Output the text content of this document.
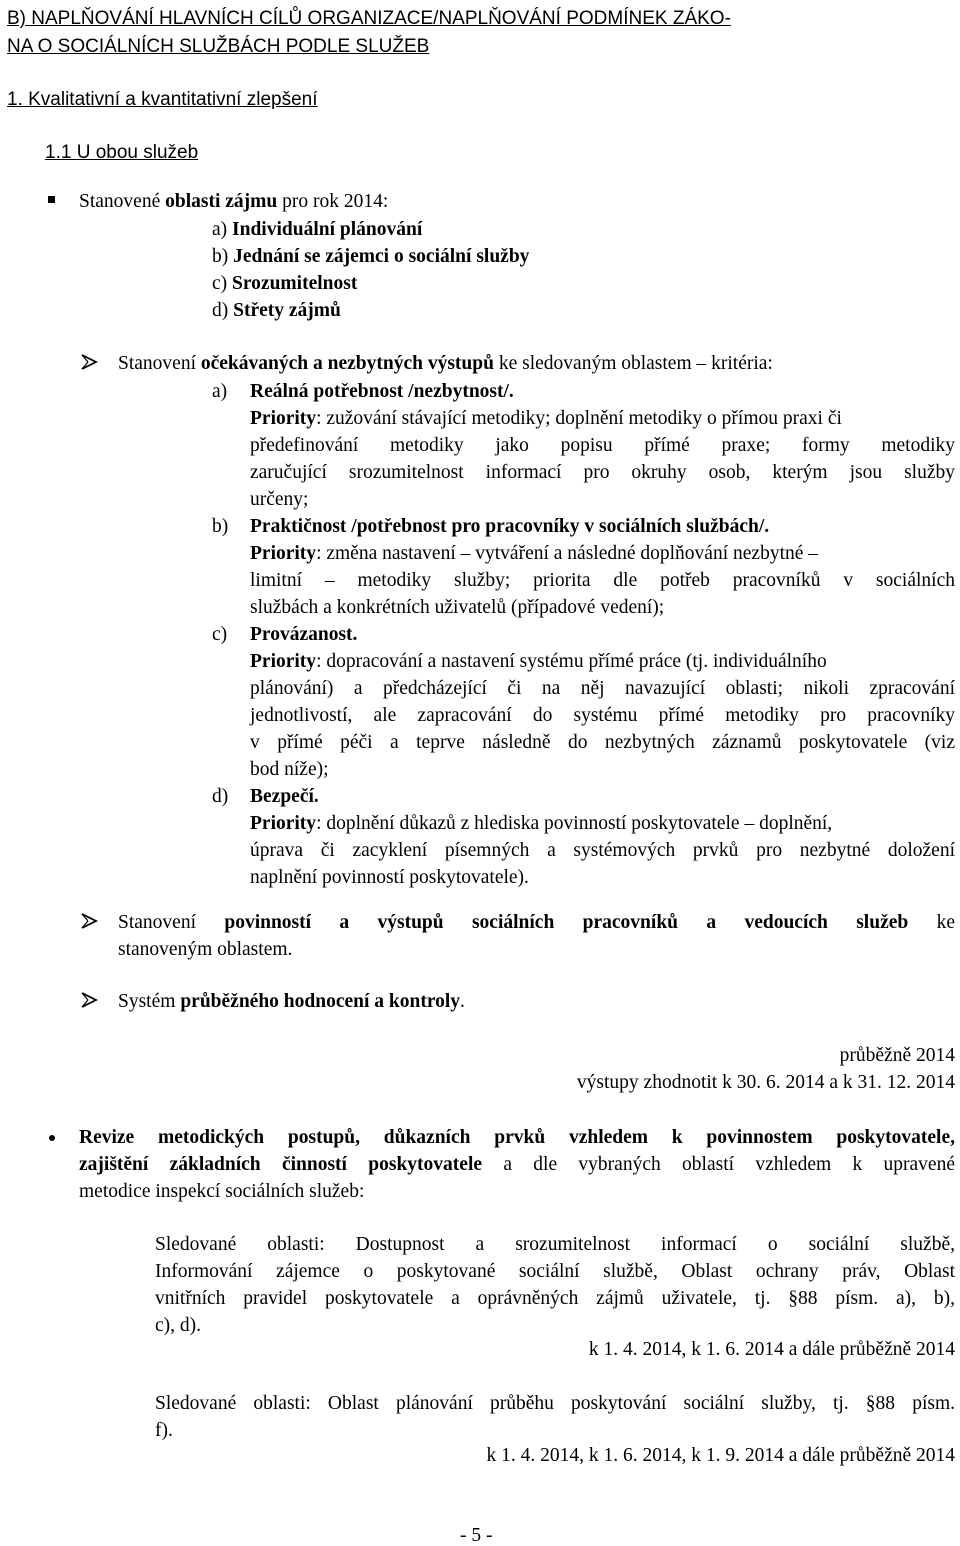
B) NAPLŇOVÁNÍ HLAVNÍCH CÍLŮ ORGANIZACE/NAPLŇOVÁNÍ PODMÍNEK ZÁKO-
NA O SOCIÁLNÍCH SLUŽBÁCH PODLE SLUŽEB
1. Kvalitativní a kvantitativní zlepšení
1.1 U obou služeb
Stanovené oblasti zájmu pro rok 2014:
a) Individuální plánování
b) Jednání se zájemci o sociální služby
c) Srozumitelnost
d) Střety zájmů
Stanovení očekávaných a nezbytných výstupů ke sledovaným oblastem – kritéria:
a) Reálná potřebnost /nezbytnost/.
Priority: zužování stávající metodiky; doplnění metodiky o přímou praxi či
předefinování metodiky jako popisu přímé praxe; formy metodiky
zaručující srozumitelnost informací pro okruhy osob, kterým jsou služby
určeny;
b) Praktičnost /potřebnost pro pracovníky v sociálních službách/.
Priority: změna nastavení – vytváření a následné doplňování nezbytné –
limitní – metodiky služby; priorita dle potřeb pracovníků v sociálních
službách a konkrétních uživatelů (případové vedení);
c) Provázanost.
Priority: dopracování a nastavení systému přímé práce (tj. individuálního
plánování) a předcházející či na něj navazující oblasti; nikoli zpracování
jednotlivostí, ale zapracování do systému přímé metodiky pro pracovníky
v přímé péči a teprve následně do nezbytných záznamů poskytovatele (viz
bod níže);
d) Bezpečí.
Priority: doplnění důkazů z hlediska povinností poskytovatele – doplnění,
úprava či zacyklení písemných a systémových prvků pro nezbytné doložení
naplnění povinností poskytovatele).
Stanovení povinností a výstupů sociálních pracovníků a vedoucích služeb ke
stanoveným oblastem.
Systém průběžného hodnocení a kontroly.
průběžně 2014
výstupy zhodnotit k 30. 6. 2014 a k 31. 12. 2014
Revize metodických postupů, důkazních prvků vzhledem k povinnostem poskytovatele,
zajištění základních činností poskytovatele a dle vybraných oblastí vzhledem k upravené
metodice inspekcí sociálních služeb:
Sledované oblasti: Dostupnost a srozumitelnost informací o sociální službě,
Informování zájemce o poskytované sociální službě, Oblast ochrany práv, Oblast
vnitřních pravidel poskytovatele a oprávněných zájmů uživatele, tj. §88 písm. a), b),
c), d).
k 1. 4. 2014, k 1. 6. 2014 a dále průběžně 2014
Sledované oblasti: Oblast plánování průběhu poskytování sociální služby, tj. §88 písm.
f).
k 1. 4. 2014, k 1. 6. 2014, k 1. 9. 2014 a dále průběžně 2014
- 5 -
